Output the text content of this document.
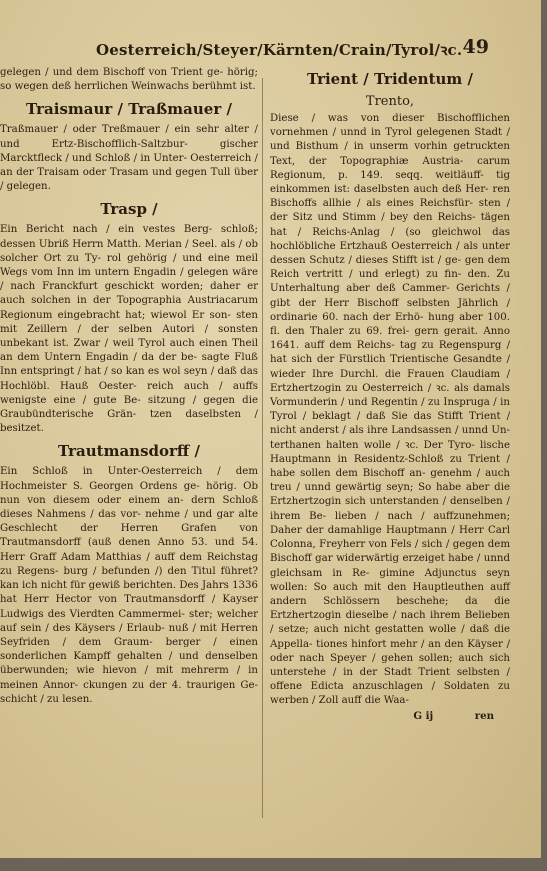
Oesterreich/Steyer/Kärnten/Crain/Tyrol/ꝛc. 49

gelegen / und dem Bischoff von Trient ge- hörig; so wegen deß herrlichen Weinwachs berühmt ist.

Traismaur / Traßmauer /

Traßmauer / oder Treßmauer / ein sehr alter / und Ertz-Bischofflich-Saltzbur- gischer Marcktfleck / und Schloß / in Unter- Oesterreich / an der Traisam oder Trasam und gegen Tull über / gelegen.

Trasp /

Ein Bericht nach / ein vestes Berg- schloß; dessen Ubriß Herrn Matth. Merian / Seel. als / ob solcher Ort zu Ty- rol gehörig / und eine meil Wegs vom Inn im untern Engadin / gelegen wäre / nach Franckfurt geschickt worden; daher er auch solchen in der Topographia Austriacarum Regionum eingebracht hat; wiewol Er son- sten mit Zeillern / der selben Autori / sonsten unbekant ist. Zwar / weil Tyrol auch einen Theil an dem Untern Engadin / da der be- sagte Fluß Inn entspringt / hat / so kan es wol seyn / daß das Hochlöbl. Hauß Oester- reich auch / auffs wenigste eine / gute Be- sitzung / gegen die Graubündterische Grän- tzen daselbsten / besitzet.

Trautmansdorff /

Ein Schloß in Unter-Oesterreich / dem Hochmeister S. Georgen Ordens ge- hörig. Ob nun von diesem oder einem an- dern Schloß dieses Nahmens / das vor- nehme / und gar alte Geschlecht der Herren Grafen von Trautmansdorff (auß denen Anno 53. und 54. Herr Graff Adam Matthias / auff dem Reichstag zu Regens- burg / befunden /) den Titul führet? kan ich nicht für gewiß berichten. Des Jahrs 1336 hat Herr Hector von Trautmansdorff / Kayser Ludwigs des Vierdten Cammermei- ster; welcher auf sein / des Käysers / Erlaub- nuß / mit Herren Seyfriden / dem Graum- berger / einen sonderlichen Kampff gehalten / und denselben überwunden; wie hievon / mit mehrerm / in meinen Annor- ckungen zu der 4. traurigen Ge- schicht / zu lesen.

Trient / Tridentum /
Trento,

Diese / was von dieser Bischofflichen vornehmen / unnd in Tyrol gelegenen Stadt / und Bisthum / in unserm vorhin getruckten Text, der Topographiæ Austria- carum Regionum, p. 149. seqq. weitläuff- tig einkommen ist: daselbsten auch deß Her- ren Bischoffs allhie / als eines Reichsfür- sten / der Sitz und Stimm / bey den Reichs- tägen hat / Reichs-Anlag / (so gleichwol das hochlöbliche Ertzhauß Oesterreich / als unter dessen Schutz / dieses Stifft ist / ge- gen dem Reich vertritt / und erlegt) zu fin- den. Zu Unterhaltung aber deß Cammer- Gerichts / gibt der Herr Bischoff selbsten Jährlich / ordinarie 60. nach der Erhö- hung aber 100. fl. den Thaler zu 69. frei- gern gerait. Anno 1641. auff dem Reichs- tag zu Regenspurg / hat sich der Fürstlich Trientische Gesandte / wieder Ihre Durchl. die Frauen Claudiam / Ertzhertzogin zu Oesterreich / ꝛc. als damals Vormunderin / und Regentin / zu Inspruga / in Tyrol / beklagt / daß Sie das Stifft Trient / nicht anderst / als ihre Landsassen / unnd Un- terthanen halten wolle / ꝛc. Der Tyro- lische Hauptmann in Residentz-Schloß zu Trient / habe sollen dem Bischoff an- genehm / auch treu / unnd gewärtig seyn; So habe aber die Ertzhertzogin sich unterstanden / denselben / ihrem Be- lieben / nach / auffzunehmen; Daher der damahlige Hauptmann / Herr Carl Colonna, Freyherr von Fels / sich / gegen dem Bischoff gar widerwärtig erzeiget habe / unnd gleichsam in Re- gimine Adjunctus seyn wollen: So auch mit den Hauptleuthen auff andern Schlössern beschehe; da die Ertzhertzogin dieselbe / nach ihrem Belieben / setze; auch nicht gestatten wolle / daß die Appella- tiones hinfort mehr / an den Käyser / oder nach Speyer / gehen sollen; auch sich unterstehe / in der Stadt Trient selbsten / offene Edicta anzuschlagen / Soldaten zu werben / Zoll auff die Waa-

G ij	ren
